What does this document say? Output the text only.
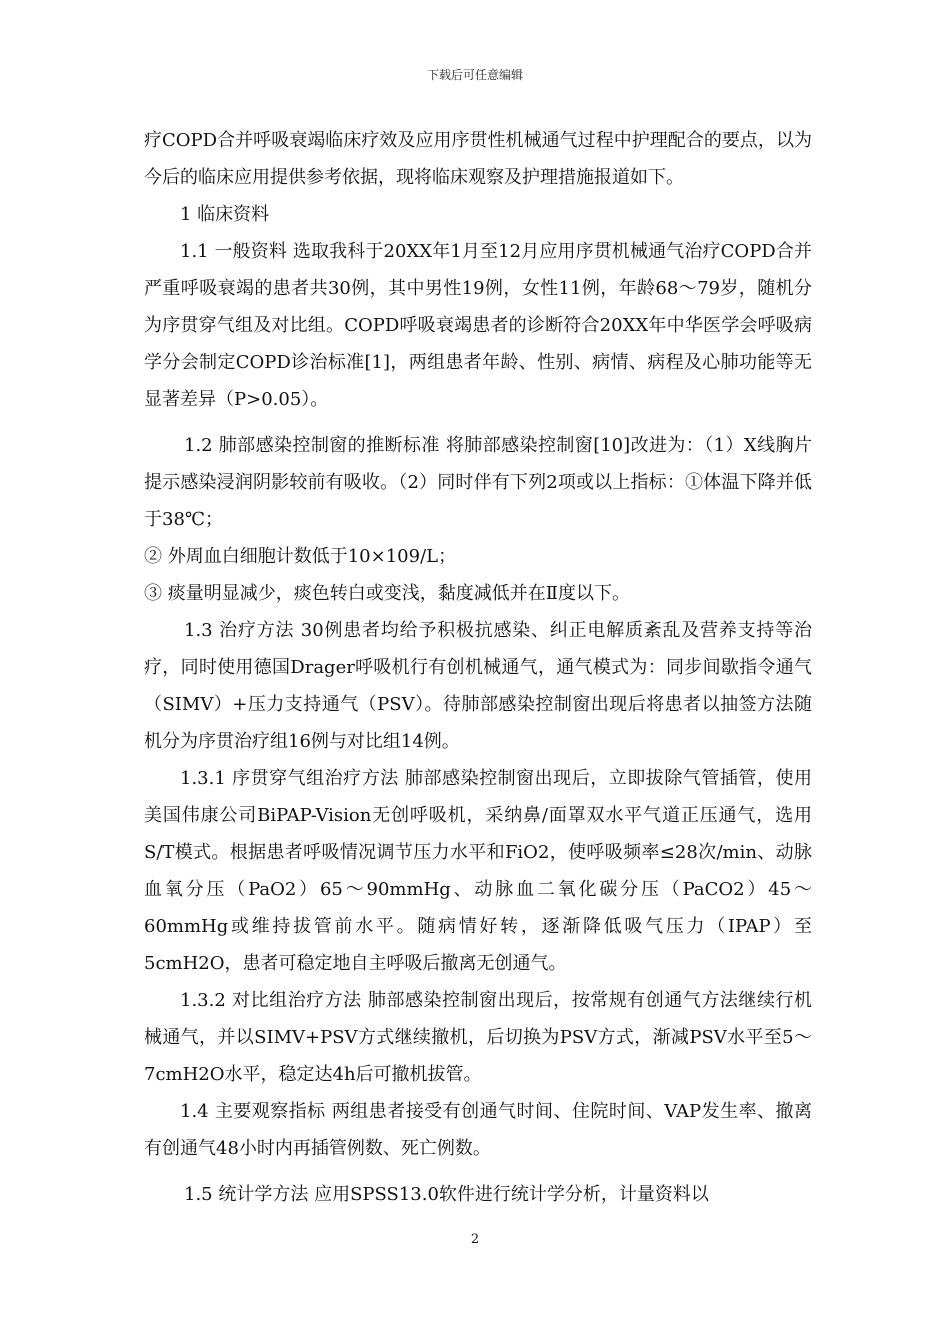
下载后可任意编辑

疗COPD合并呼吸衰竭临床疗效及应用序贯性机械通气过程中护理配合的要点，以为今后的临床应用提供参考依据，现将临床观察及护理措施报道如下。

1 临床资料

1.1 一般资料 选取我科于20XX年1月至12月应用序贯机械通气治疗COPD合并严重呼吸衰竭的患者共30例，其中男性19例，女性11例，年龄68～79岁，随机分为序贯穿气组及对比组。COPD呼吸衰竭患者的诊断符合20XX年中华医学会呼吸病学分会制定COPD诊治标准[1]，两组患者年龄、性别、病情、病程及心肺功能等无显著差异（P>0.05）。

1.2 肺部感染控制窗的推断标准 将肺部感染控制窗[10]改进为：（1）X线胸片提示感染浸润阴影较前有吸收。（2）同时伴有下列2项或以上指标：①体温下降并低于38℃；

② 外周血白细胞计数低于10×109/L；

③ 痰量明显减少，痰色转白或变浅，黏度减低并在Ⅱ度以下。

1.3 治疗方法 30例患者均给予积极抗感染、纠正电解质紊乱及营养支持等治疗，同时使用德国Drager呼吸机行有创机械通气，通气模式为：同步间歇指令通气（SIMV）+压力支持通气（PSV）。待肺部感染控制窗出现后将患者以抽签方法随机分为序贯治疗组16例与对比组14例。

1.3.1 序贯穿气组治疗方法 肺部感染控制窗出现后，立即拔除气管插管，使用美国伟康公司BiPAP-Vision无创呼吸机，采纳鼻/面罩双水平气道正压通气，选用S/T模式。根据患者呼吸情况调节压力水平和FiO2，使呼吸频率≤28次/min、动脉血氧分压（PaO2）65～90mmHg、动脉血二氧化碳分压（PaCO2）45～60mmHg或维持拔管前水平。随病情好转，逐渐降低吸气压力（IPAP）至5cmH2O，患者可稳定地自主呼吸后撤离无创通气。

1.3.2 对比组治疗方法 肺部感染控制窗出现后，按常规有创通气方法继续行机械通气，并以SIMV+PSV方式继续撤机，后切换为PSV方式，渐减PSV水平至5～7cmH2O水平，稳定达4h后可撤机拔管。

1.4 主要观察指标 两组患者接受有创通气时间、住院时间、VAP发生率、撤离有创通气48小时内再插管例数、死亡例数。

1.5 统计学方法 应用SPSS13.0软件进行统计学分析，计量资料以

2
